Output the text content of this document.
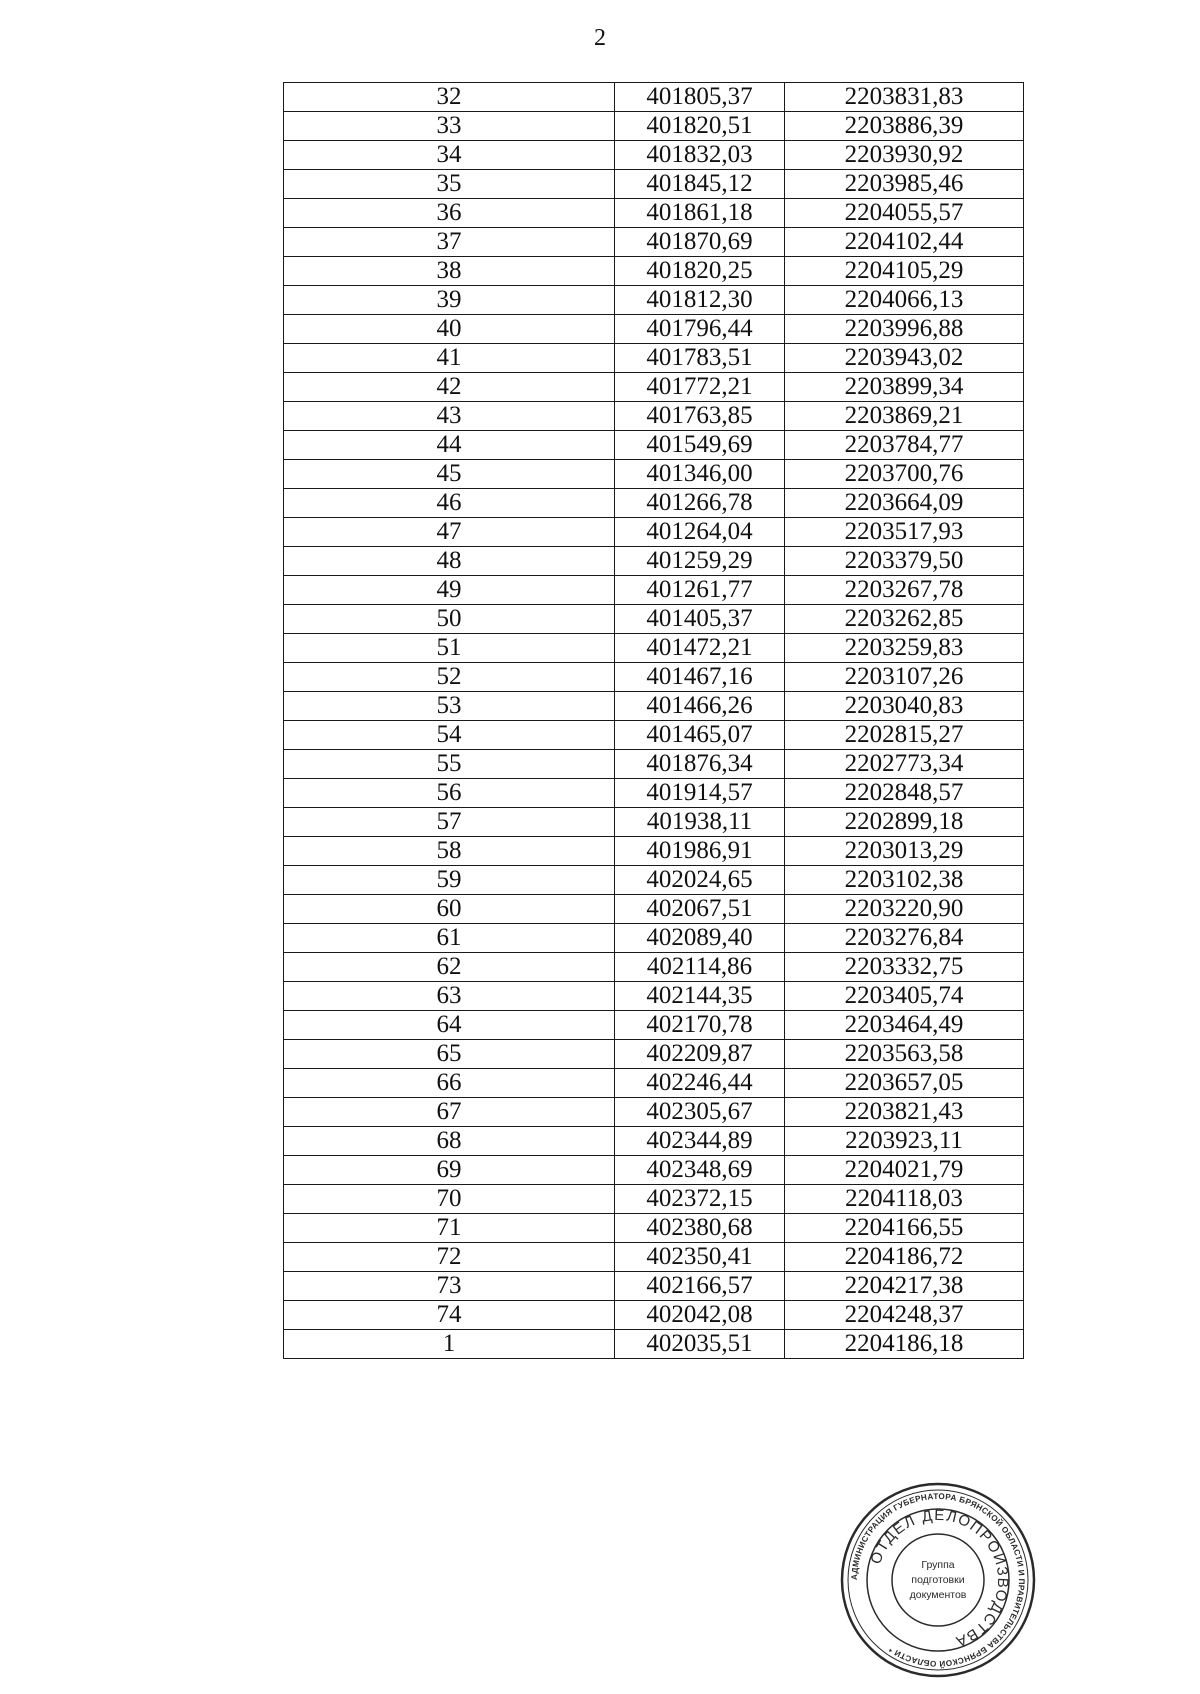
2
32	401805,37	2203831,83
33	401820,51	2203886,39
34	401832,03	2203930,92
35	401845,12	2203985,46
36	401861,18	2204055,57
37	401870,69	2204102,44
38	401820,25	2204105,29
39	401812,30	2204066,13
40	401796,44	2203996,88
41	401783,51	2203943,02
42	401772,21	2203899,34
43	401763,85	2203869,21
44	401549,69	2203784,77
45	401346,00	2203700,76
46	401266,78	2203664,09
47	401264,04	2203517,93
48	401259,29	2203379,50
49	401261,77	2203267,78
50	401405,37	2203262,85
51	401472,21	2203259,83
52	401467,16	2203107,26
53	401466,26	2203040,83
54	401465,07	2202815,27
55	401876,34	2202773,34
56	401914,57	2202848,57
57	401938,11	2202899,18
58	401986,91	2203013,29
59	402024,65	2203102,38
60	402067,51	2203220,90
61	402089,40	2203276,84
62	402114,86	2203332,75
63	402144,35	2203405,74
64	402170,78	2203464,49
65	402209,87	2203563,58
66	402246,44	2203657,05
67	402305,67	2203821,43
68	402344,89	2203923,11
69	402348,69	2204021,79
70	402372,15	2204118,03
71	402380,68	2204166,55
72	402350,41	2204186,72
73	402166,57	2204217,38
74	402042,08	2204248,37
1	402035,51	2204186,18
АДМИНИСТРАЦИЯ ГУБЕРНАТОРА БРЯНСКОЙ ОБЛАСТИ И ПРАВИТЕЛЬСТВА БРЯНСКОЙ ОБЛАСТИ *
ОТДЕЛ ДЕЛОПРОИЗВОДСТВА
Группа
подготовки
документов
